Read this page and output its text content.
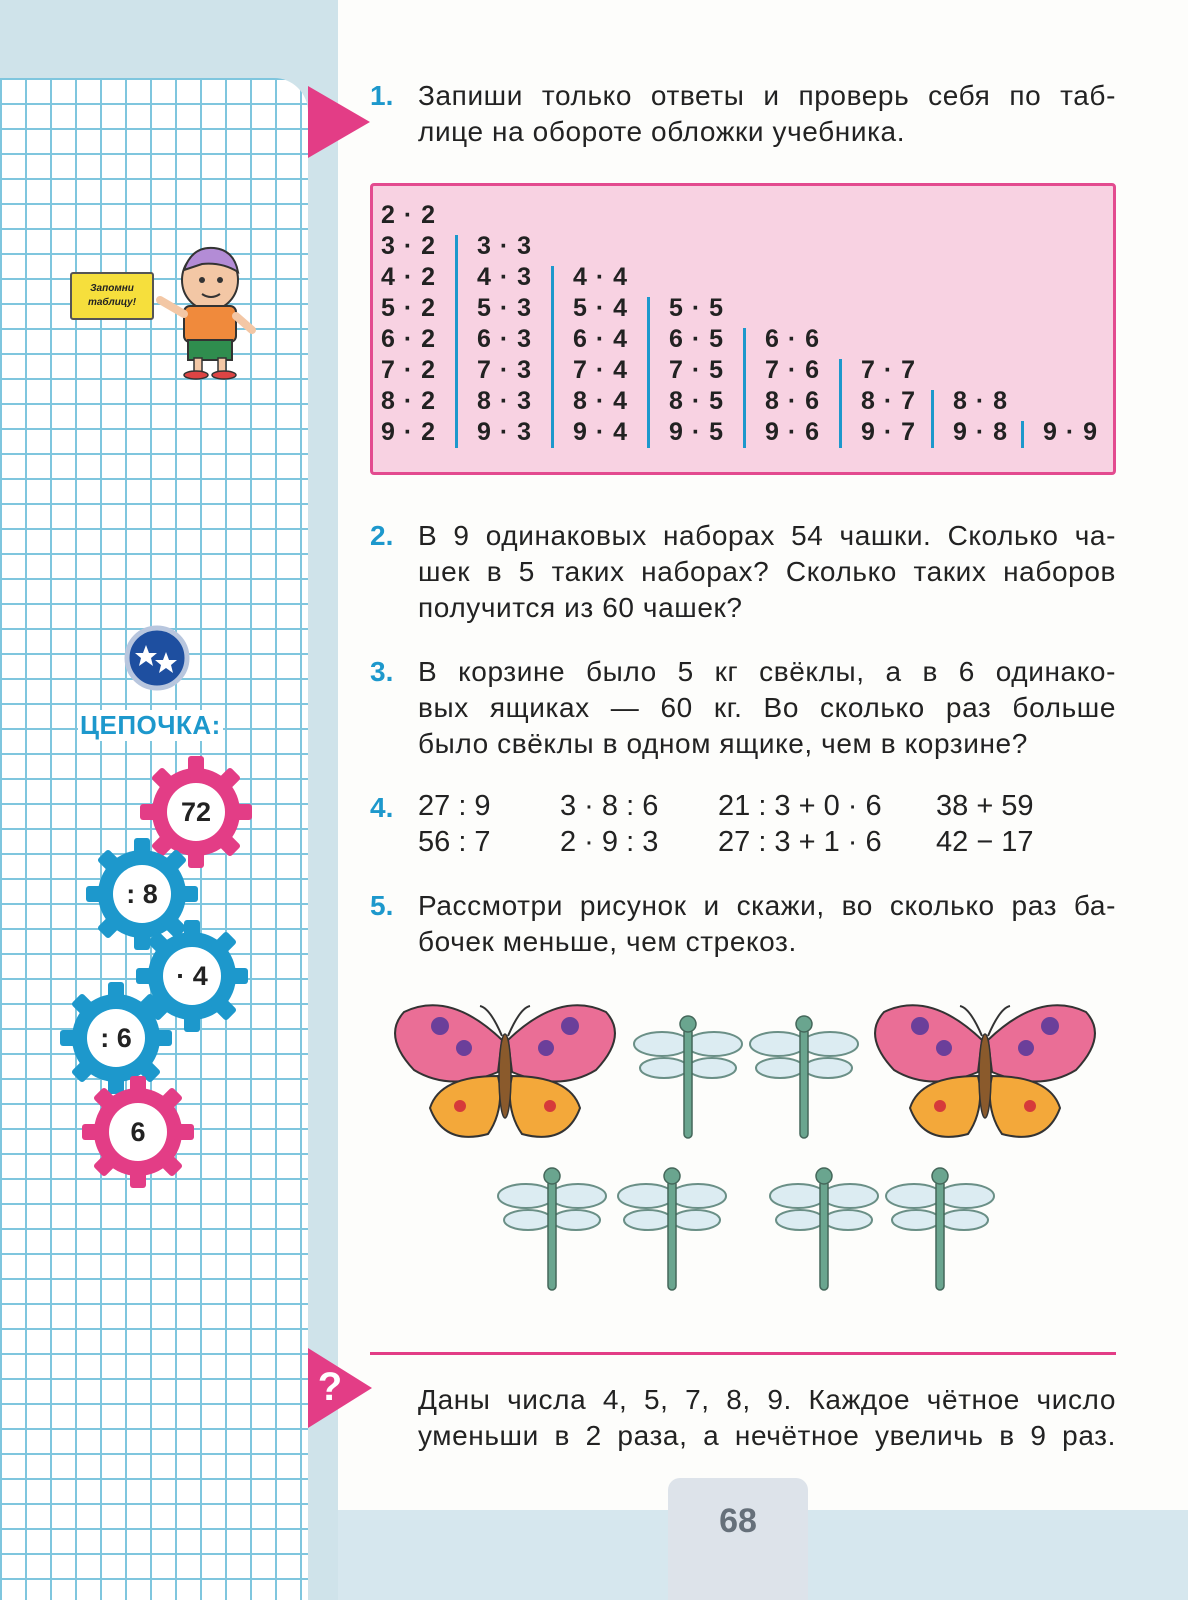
68
Запомни
таблицу!
ЦЕПОЧКА:
72
: 8
· 4
: 6
6
1. Запиши только ответы и проверь себя по таб-
лице на обороте обложки учебника.
2 · 2
3 · 2
4 · 2
5 · 2
6 · 2
7 · 2
8 · 2
9 · 2
3 · 3
4 · 3
5 · 3
6 · 3
7 · 3
8 · 3
9 · 3
4 · 4
5 · 4
6 · 4
7 · 4
8 · 4
9 · 4
5 · 5
6 · 5
7 · 5
8 · 5
9 · 5
6 · 6
7 · 6
8 · 6
9 · 6
7 · 7
8 · 7
9 · 7
8 · 8
9 · 8 9 · 9
2. В 9 одинаковых наборах 54 чашки. Сколько ча-
шек в 5 таких наборах? Сколько таких наборов
получится из 60 чашек?
3. В корзине было 5 кг свёклы, а в 6 одинако-
вых ящиках — 60 кг. Во сколько раз больше
было свёклы в одном ящике, чем в корзине?
4. 27 : 9
56 : 7
3 · 8 : 6
2 · 9 : 3
21 : 3 + 0 · 6
27 : 3 + 1 · 6
38 + 59
42 − 17
5. Рассмотри рисунок и скажи, во сколько раз ба-
бочек меньше, чем стрекоз.
?	Даны числа 4, 5, 7, 8, 9. Каждое чётное число
уменьши в 2 раза, а нечётное увеличь в 9 раз.
